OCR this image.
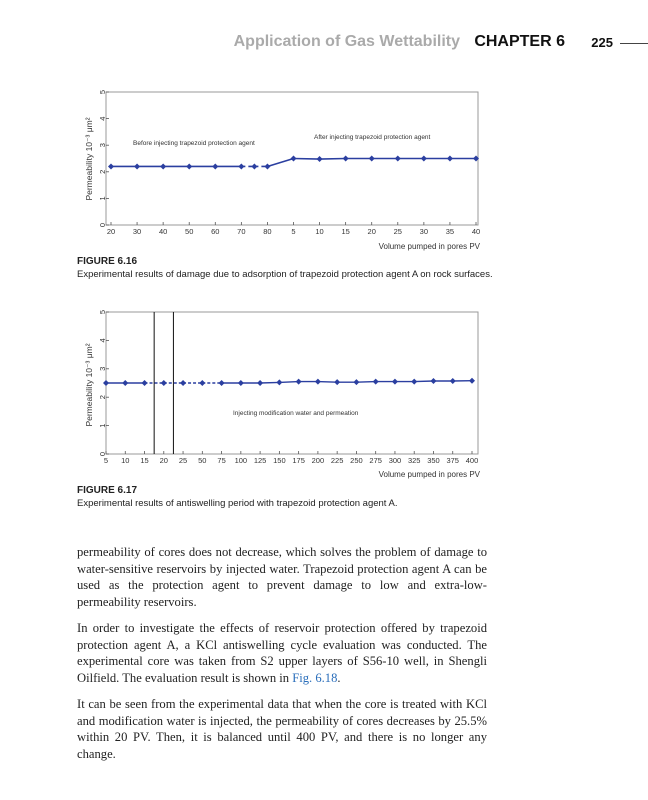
Application of Gas Wettability CHAPTER 6 225
0
1
2
3
4
5
20 30 40 50 60 70 80	5	10 15 20 25 30 35 40
Permeability 10⁻³ μm²
Volume pumped in pores PV
Before injecting trapezoid protection agent
After injecting trapezoid protection agent
FIGURE 6.16
Experimental results of damage due to adsorption of trapezoid protection agent A on rock surfaces.
0
1
2
3
4
5
5 10 15 20 25 50 75 100 125 150 175 200 225 250 275 300 325 350 375 400
Permeability 10⁻³ μm²
Volume pumped in pores PV
Injecting modification water and permeation
FIGURE 6.17
Experimental results of antiswelling period with trapezoid protection agent A.

permeability of cores does not decrease, which solves the problem of damage to water-sensitive reservoirs by injected water. Trapezoid protection agent A can be used as the protection agent to prevent damage to low and extra-low-permeability reservoirs.

In order to investigate the effects of reservoir protection offered by trapezoid protection agent A, a KCl antiswelling cycle evaluation was conducted. The experimental core was taken from S2 upper layers of S56-10 well, in Shengli Oilfield. The evaluation result is shown in Fig. 6.18.

It can be seen from the experimental data that when the core is treated with KCl and modification water is injected, the permeability of cores decreases by 25.5% within 20 PV. Then, it is balanced until 400 PV, and there is no longer any change.
